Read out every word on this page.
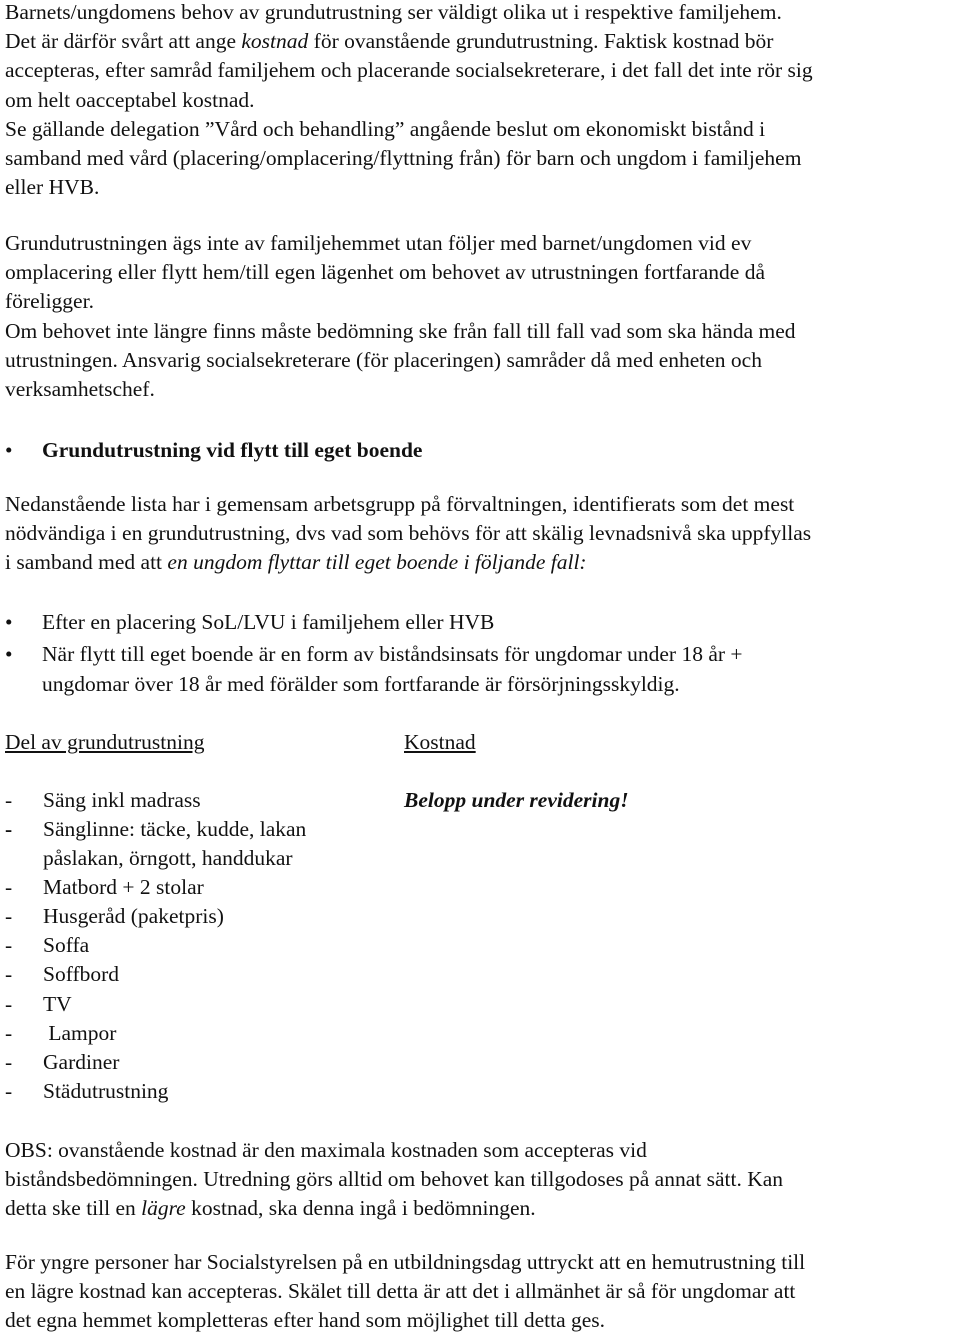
Barnets/ungdomens behov av grundutrustning ser väldigt olika ut i respektive familjehem.
Det är därför svårt att ange kostnad för ovanstående grundutrustning. Faktisk kostnad bör
accepteras, efter samråd familjehem och placerande socialsekreterare, i det fall det inte rör sig
om helt oacceptabel kostnad.
Se gällande delegation ”Vård och behandling” angående beslut om ekonomiskt bistånd i
samband med vård (placering/omplacering/flyttning från) för barn och ungdom i familjehem
eller HVB.
Grundutrustningen ägs inte av familjehemmet utan följer med barnet/ungdomen vid ev
omplacering eller flytt hem/till egen lägenhet om behovet av utrustningen fortfarande då
föreligger.
Om behovet inte längre finns måste bedömning ske från fall till fall vad som ska hända med
utrustningen. Ansvarig socialsekreterare (för placeringen) samråder då med enheten och
verksamhetschef.
•	Grundutrustning vid flytt till eget boende
Nedanstående lista har i gemensam arbetsgrupp på förvaltningen, identifierats som det mest
nödvändiga i en grundutrustning, dvs vad som behövs för att skälig levnadsnivå ska uppfyllas
i samband med att en ungdom flyttar till eget boende i följande fall:
•	Efter en placering SoL/LVU i familjehem eller HVB
•	När flytt till eget boende är en form av biståndsinsats för ungdomar under 18 år +
ungdomar över 18 år med förälder som fortfarande är försörjningsskyldig.
Del av grundutrustning	Kostnad
- Säng inkl madrass	Belopp under revidering!
- Sänglinne: täcke, kudde, lakan
påslakan, örngott, handdukar
- Matbord + 2 stolar
- Husgeråd (paketpris)
- Soffa
- Soffbord
- TV
- Lampor
- Gardiner
- Städutrustning
OBS: ovanstående kostnad är den maximala kostnaden som accepteras vid
biståndsbedömningen. Utredning görs alltid om behovet kan tillgodoses på annat sätt. Kan
detta ske till en lägre kostnad, ska denna ingå i bedömningen.
För yngre personer har Socialstyrelsen på en utbildningsdag uttryckt att en hemutrustning till
en lägre kostnad kan accepteras. Skälet till detta är att det i allmänhet är så för ungdomar att
det egna hemmet kompletteras efter hand som möjlighet till detta ges.
